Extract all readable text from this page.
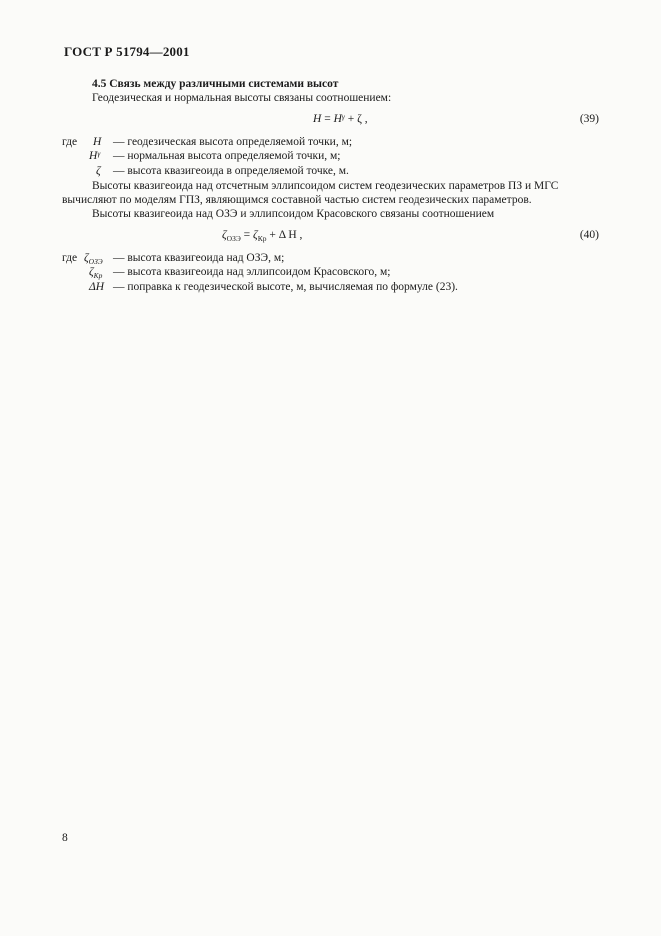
ГОСТ Р 51794—2001
4.5 Связь между различными системами высот
Геодезическая и нормальная высоты связаны соотношением:
$H = H^\gamma + \zeta$ ,	(39)
где H — геодезическая высота определяемой точки, м;
$H^\gamma$ — нормальная высота определяемой точки, м;
ζ — высота квазигеоида в определяемой точке, м.
Высоты квазигеоида над отсчетным эллипсоидом систем геодезических параметров ПЗ и МГС
вычисляют по моделям ГПЗ, являющимся составной частью систем геодезических параметров.
Высоты квазигеоида над ОЗЭ и эллипсоидом Красовского связаны соотношением
$\zeta_{ОЗЭ} = \zeta_{Кр} + \Delta$ H ,	(40)
где $\zeta_{ОЗЭ}$ — высота квазигеоида над ОЗЭ, м;
$\zeta_{Кр}$ — высота квазигеоида над эллипсоидом Красовского, м;
ΔH — поправка к геодезической высоте, м, вычисляемая по формуле (23).
8
